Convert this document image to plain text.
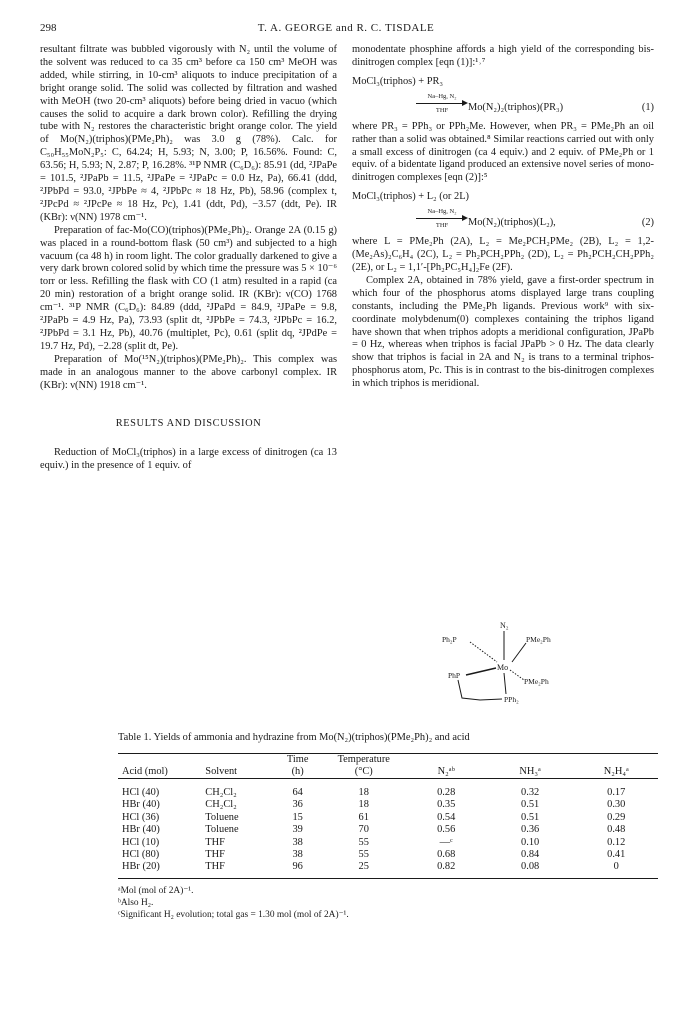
298	T. A. GEORGE and R. C. TISDALE

resultant filtrate was bubbled vigorously with N₂ until the volume of the solvent was reduced to ca 35 cm³ before ca 150 cm³ MeOH was added, while stirring, in 10-cm³ aliquots to induce precipitation of a bright orange solid. The solid was collected by filtration and washed with MeOH (two 20-cm³ aliquots) before being dried in vacuo (which causes the solid to acquire a dark brown color). Refilling the drying tube with N₂ restores the characteristic bright orange color. The yield of Mo(N₂)(triphos)(PMe₂Ph)₂ was 3.0 g (78%). Calc. for C₅₀H₅₅MoN₂P₅: C, 64.24; H, 5.93; N, 3.00; P, 16.56%. Found: C, 63.56; H, 5.93; N, 2.87; P, 16.28%. ³¹P NMR (C₆D₆): 85.91 (dd, ²JPaPe = 101.5, ²JPaPb = 11.5, ²JPaPe = ²JPaPc = 0.0 Hz, Pa), 66.41 (ddd, ²JPbPd = 93.0, ²JPbPe ≈ 4, ²JPbPc ≈ 18 Hz, Pb), 58.96 (complex t, ²JPcPd ≈ ²JPcPe ≈ 18 Hz, Pc), 1.41 (ddt, Pd), −3.57 (ddt, Pe). IR (KBr): ν(NN) 1978 cm⁻¹.

Preparation of fac-Mo(CO)(triphos)(PMe₂Ph)₂. Orange 2A (0.15 g) was placed in a round-bottom flask (50 cm³) and subjected to a high vacuum (ca 48 h) in room light. The color gradually darkened to give a very dark brown colored solid by which time the pressure was 5 × 10⁻⁶ torr or less. Refilling the flask with CO (1 atm) resulted in a rapid (ca 20 min) restoration of a bright orange solid. IR (KBr): ν(CO) 1768 cm⁻¹. ³¹P NMR (C₆D₆): 84.89 (ddd, ²JPaPd = 84.9, ²JPaPe = 9.8, ²JPaPb = 4.9 Hz, Pa), 73.93 (split dt, ²JPbPe = 74.3, ²JPbPc = 16.2, ²JPbPd = 3.1 Hz, Pb), 40.76 (multiplet, Pc), 0.61 (split dq, ²JPdPe = 19.7 Hz, Pd), −2.28 (split dt, Pe).

Preparation of Mo(¹⁵N₂)(triphos)(PMe₂Ph)₂. This complex was made in an analogous manner to the above carbonyl complex. IR (KBr): ν(NN) 1918 cm⁻¹.

RESULTS AND DISCUSSION

Reduction of MoCl₃(triphos) in a large excess of dinitrogen (ca 13 equiv.) in the presence of 1 equiv. of

monodentate phosphine affords a high yield of the corresponding bis-dinitrogen complex [eqn (1)]:¹˒⁷

MoCl₃(triphos) + PR₃
Na–Hg, N₂
THF	Mo(N₂)₂(triphos)(PR₃)	(1)

where PR₃ = PPh₃ or PPh₂Me. However, when PR₃ = PMe₂Ph an oil rather than a solid was obtained.⁸ Similar reactions carried out with only a small excess of dinitrogen (ca 4 equiv.) and 2 equiv. of PMe₂Ph or 1 equiv. of a bidentate ligand produced an extensive novel series of mono-dinitrogen complexes [eqn (2)]:⁵

MoCl₃(triphos) + L₂ (or 2L)
Na–Hg, N₂
THF	Mo(N₂)(triphos)(L₂),	(2)

where L = PMe₂Ph (2A), L₂ = Me₂PCH₂PMe₂ (2B), L₂ = 1,2-(Me₂As)₂C₆H₄ (2C), L₂ = Ph₂PCH₂PPh₂ (2D), L₂ = Ph₂PCH₂CH₂PPh₂ (2E), or L₂ = 1,1′-[Ph₂PC₅H₄]₂Fe (2F).

Complex 2A, obtained in 78% yield, gave a first-order spectrum in which four of the phosphorus atoms displayed large trans coupling constants, including the PMe₂Ph ligands. Previous work⁹ with six-coordinate molybdenum(0) complexes containing the triphos ligand have shown that when triphos adopts a meridional configuration, JPaPb = 0 Hz, whereas when triphos is facial JPaPb > 0 Hz. The data clearly show that triphos is facial in 2A and N₂ is trans to a terminal triphos-phosphorus atom, Pc. This is in contrast to the bis-dinitrogen complexes in which triphos is meridional.

N₂
Mo
Ph₂P	PMe₂Ph
PhP
PMe₂Ph
PPh₂

Table 1. Yields of ammonia and hydrazine from Mo(N₂)(triphos)(PMe₂Ph)₂ and acid

		Time	Temperature			
Acid (mol)	Solvent	(h)	(°C)	N₂ᵃᵇ	NH₃ᵃ	N₂H₄ᵃ

HCl (40)	CH₂Cl₂	64	18	0.28	0.32	0.17
HBr (40)	CH₂Cl₂	36	18	0.35	0.51	0.30
HCl (36)	Toluene	15	61	0.54	0.51	0.29
HBr (40)	Toluene	39	70	0.56	0.36	0.48
HCl (10)	THF	38	55	—ᶜ	0.10	0.12
HCl (80)	THF	38	55	0.68	0.84	0.41
HBr (20)	THF	96	25	0.82	0.08	0

ᵃMol (mol of 2A)⁻¹.

ᵇAlso H₂.

ᶜSignificant H₂ evolution; total gas = 1.30 mol (mol of 2A)⁻¹.
